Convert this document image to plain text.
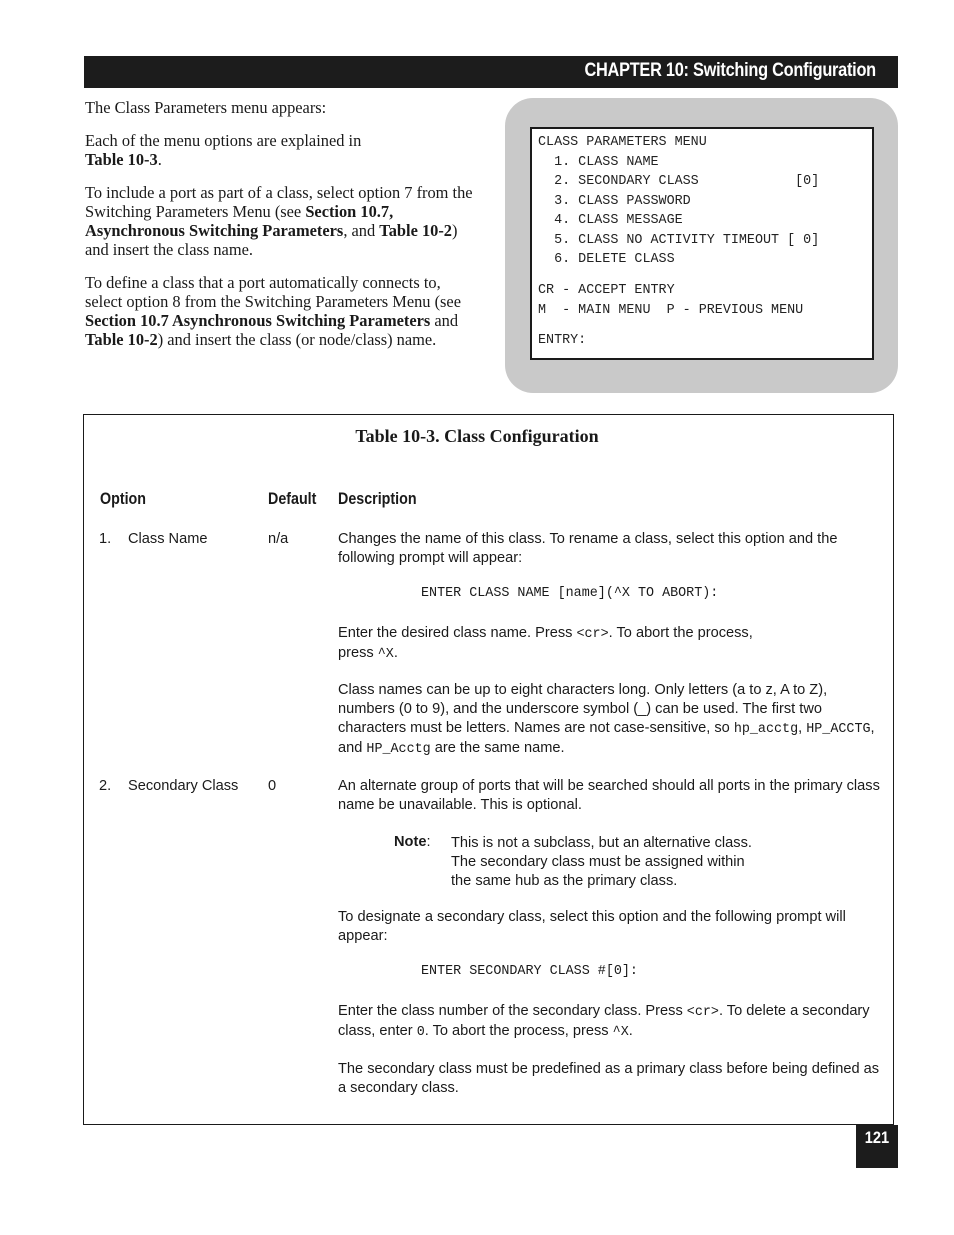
CHAPTER 10: Switching Configuration

The Class Parameters menu appears:

Each of the menu options are explained in
Table 10-3.

To include a port as part of a class, select option 7 from the Switching Parameters Menu (see Section 10.7, Asynchronous Switching Parameters, and Table 10-2) and insert the class name.

To define a class that a port automatically connects to, select option 8 from the Switching Parameters Menu (see Section 10.7 Asynchronous Switching Parameters and Table 10-2) and insert the class (or node/class) name.

CLASS PARAMETERS MENU
1. CLASS NAME
2. SECONDARY CLASS            [0]
3. CLASS PASSWORD
4. CLASS MESSAGE
5. CLASS NO ACTIVITY TIMEOUT [ 0]
6. DELETE CLASS
CR - ACCEPT ENTRY
M  - MAIN MENU  P - PREVIOUS MENU
ENTRY:
Table 10-3. Class Configuration
Option	Default Description
1. Class Name	n/a	Changes the name of this class. To rename a class, select this option and the following prompt will appear:

ENTER CLASS NAME [name](^X TO ABORT):

Enter the desired class name. Press <cr>. To abort the process,
press ^X.

Class names can be up to eight characters long. Only letters (a to z, A to Z), numbers (0 to 9), and the underscore symbol (_) can be used. The first two characters must be letters. Names are not case-sensitive, so hp_acctg, HP_ACCTG, and HP_Acctg are the same name.

2. Secondary Class 0	An alternate group of ports that will be searched should all ports in the primary class name be unavailable. This is optional.

Note: This is not a subclass, but an alternative class.
The secondary class must be assigned within
the same hub as the primary class.

To designate a secondary class, select this option and the following prompt will appear:

ENTER SECONDARY CLASS #[0]:

Enter the class number of the secondary class. Press <cr>. To delete a secondary class, enter 0. To abort the process, press ^X.

The secondary class must be predefined as a primary class before being defined as a secondary class.

121
